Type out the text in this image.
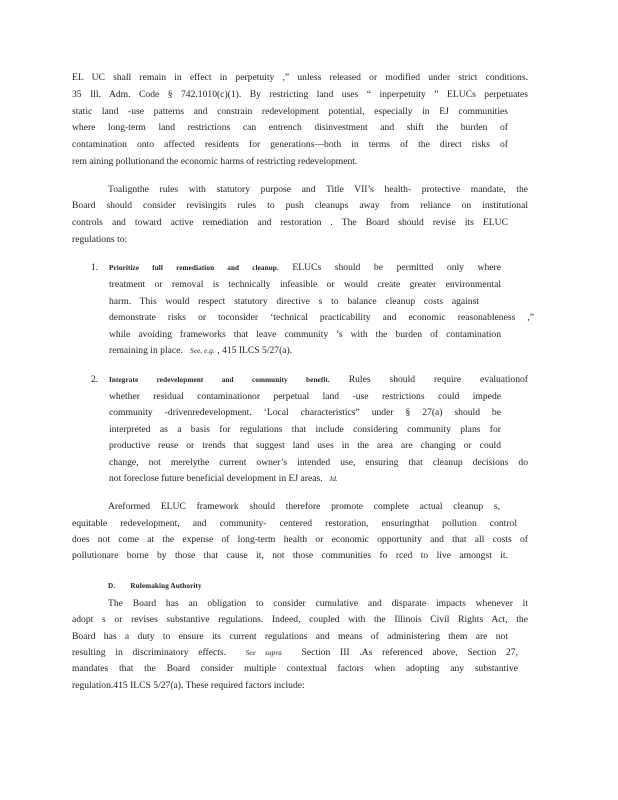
EL UC shall remain in effect in perpetuity ,” unless released or modified under strict conditions.
35 Ill. Adm. Code § 742.1010(c)(1). By restricting land uses “ inperpetuity ” ELUCs perpetuates
static land -use patterns and constrain redevelopment potential, especially in EJ communities
where long-term land restrictions can entrench disinvestment and shift the burden of
contamination onto affected residents for generations—both in terms of the direct risks of
rem aining pollutionand the economic harms of restricting redevelopment.
Toalignthe rules with statutory purpose and Title VII’s health- protective mandate, the
Board should consider revisingits rules to push cleanups away from reliance on institutional
controls and toward active remediation and restoration . The Board should revise its ELUC
regulations to:
1. Prioritize full remediation and cleanup. ELUCs should be permitted only where
treatment or removal is technically infeasible or would create greater environmental
harm. This would respect statutory directive s to balance cleanup costs against
demonstrate risks or toconsider ‘technical practicability and economic reasonableness ,”
while avoiding frameworks that leave community ’s with the burden of contamination
remaining in place. See, e.g. , 415 ILCS 5/27(a).
2. Integrate redevelopment and community benefit. Rules should require evaluationof
whether residual contaminationor perpetual land -use restrictions could impede
community -drivenredevelopment. ‘Local characteristics” under § 27(a) should be
interpreted as a basis for regulations that include considering community plans for
productive reuse or trends that suggest land uses in the area are changing or could
change, not merelythe current owner’s intended use, ensuring that cleanup decisions do
not foreclose future beneficial development in EJ areas. Id.
Areformed ELUC framework should therefore promote complete actual cleanup s,
equitable redevelopment, and community- centered restoration, ensuringthat pollution control
does not come at the expense of long-term health or economic opportunity and that all costs of
pollutionare borne by those that cause it, not those communities fo rced to live amongst it.
D. Rulemaking Authority
The Board has an obligation to consider cumulative and disparate impacts whenever it
adopt s or revises substantive regulations. Indeed, coupled with the Illinois Civil Rights Act, the
Board has a duty to ensure its current regulations and means of administering them are not
resulting in discriminatory effects.	See supra Section III .As referenced above, Section 27,
mandates that the Board consider multiple contextual factors when adopting any substantive
regulation.415 ILCS 5/27(a). These required factors include:
